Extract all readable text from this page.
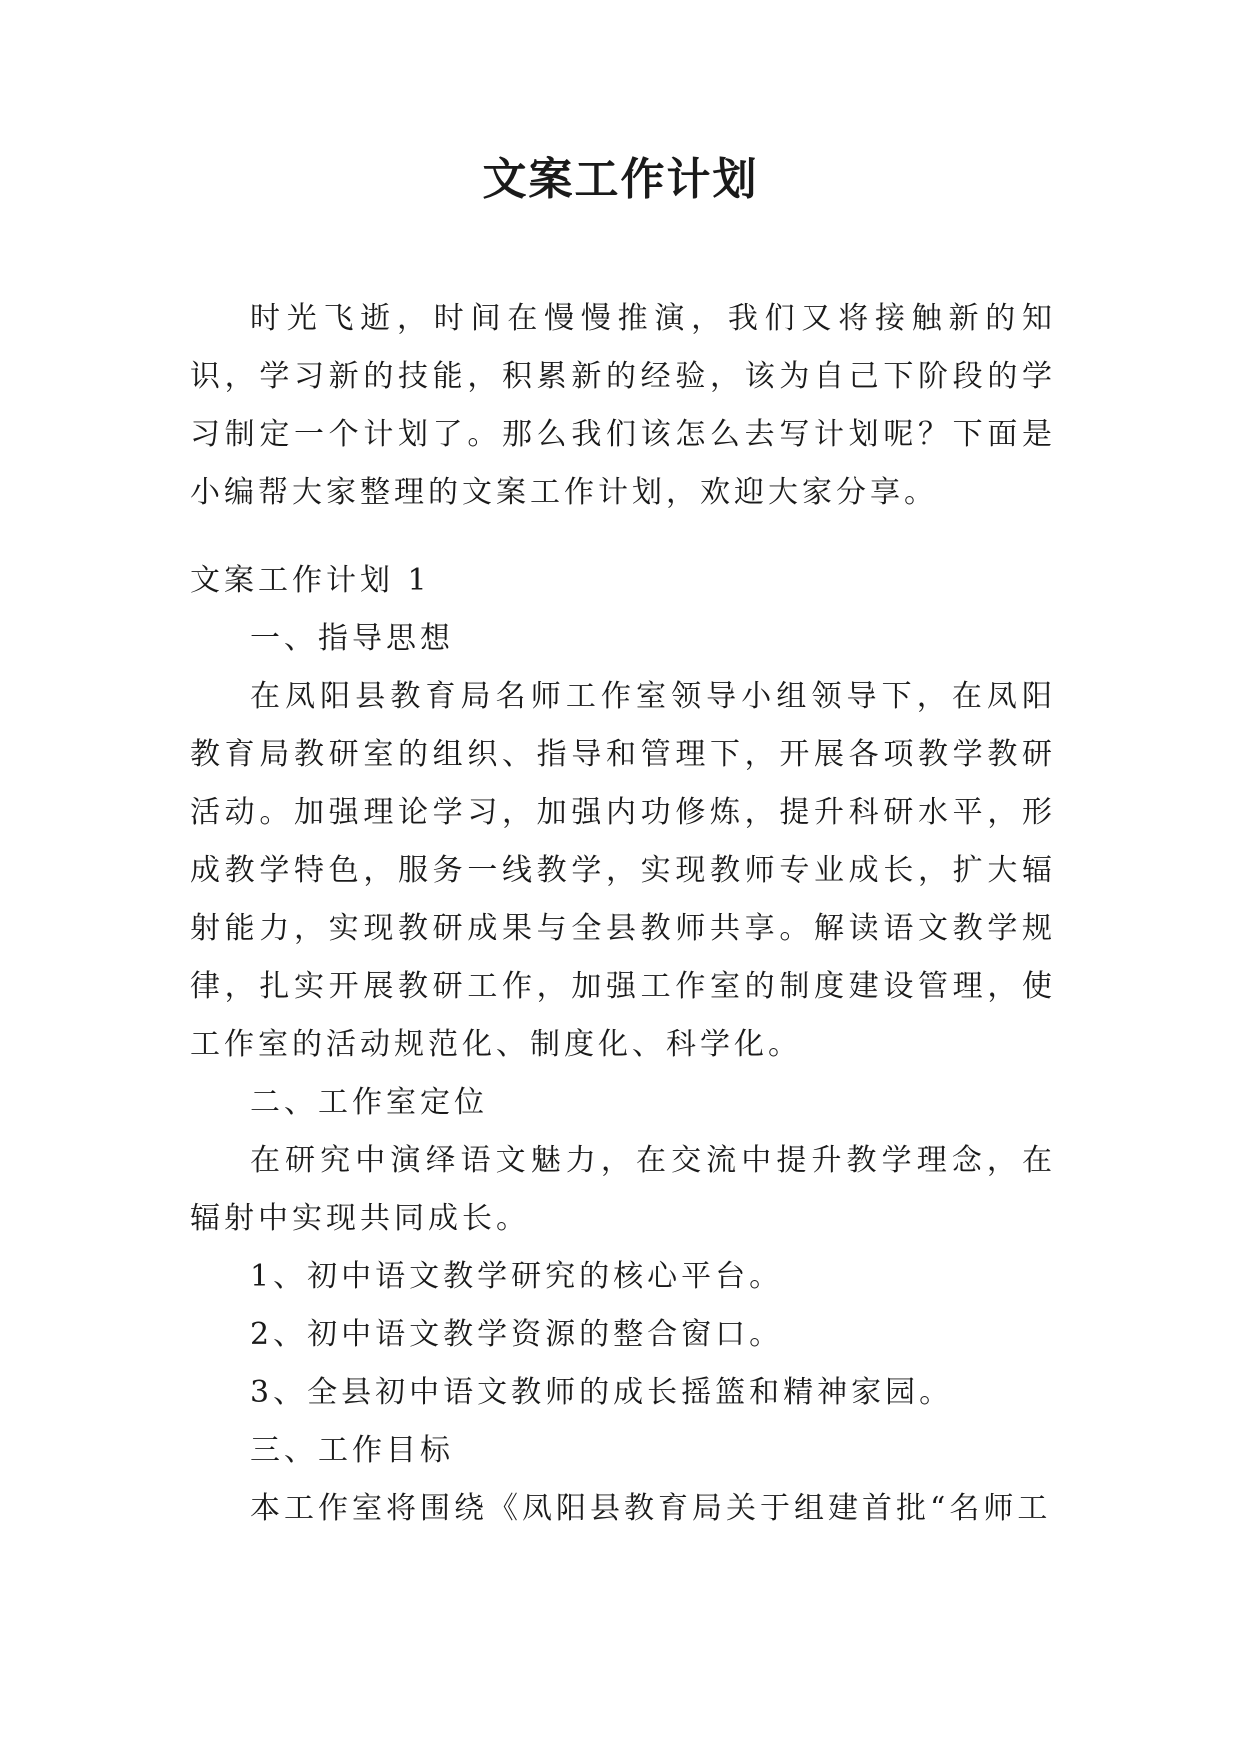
文案工作计划

时光飞逝，时间在慢慢推演，我们又将接触新的知识，学习新的技能，积累新的经验，该为自己下阶段的学习制定一个计划了。那么我们该怎么去写计划呢？下面是小编帮大家整理的文案工作计划，欢迎大家分享。

文案工作计划 1

一、指导思想

在凤阳县教育局名师工作室领导小组领导下，在凤阳教育局教研室的组织、指导和管理下，开展各项教学教研活动。加强理论学习，加强内功修炼，提升科研水平，形成教学特色，服务一线教学，实现教师专业成长，扩大辐射能力，实现教研成果与全县教师共享。解读语文教学规律，扎实开展教研工作，加强工作室的制度建设管理，使工作室的活动规范化、制度化、科学化。

二、工作室定位

在研究中演绎语文魅力，在交流中提升教学理念，在辐射中实现共同成长。

1、初中语文教学研究的核心平台。

2、初中语文教学资源的整合窗口。

3、全县初中语文教师的成长摇篮和精神家园。

三、工作目标

本工作室将围绕《凤阳县教育局关于组建首批“名师工
